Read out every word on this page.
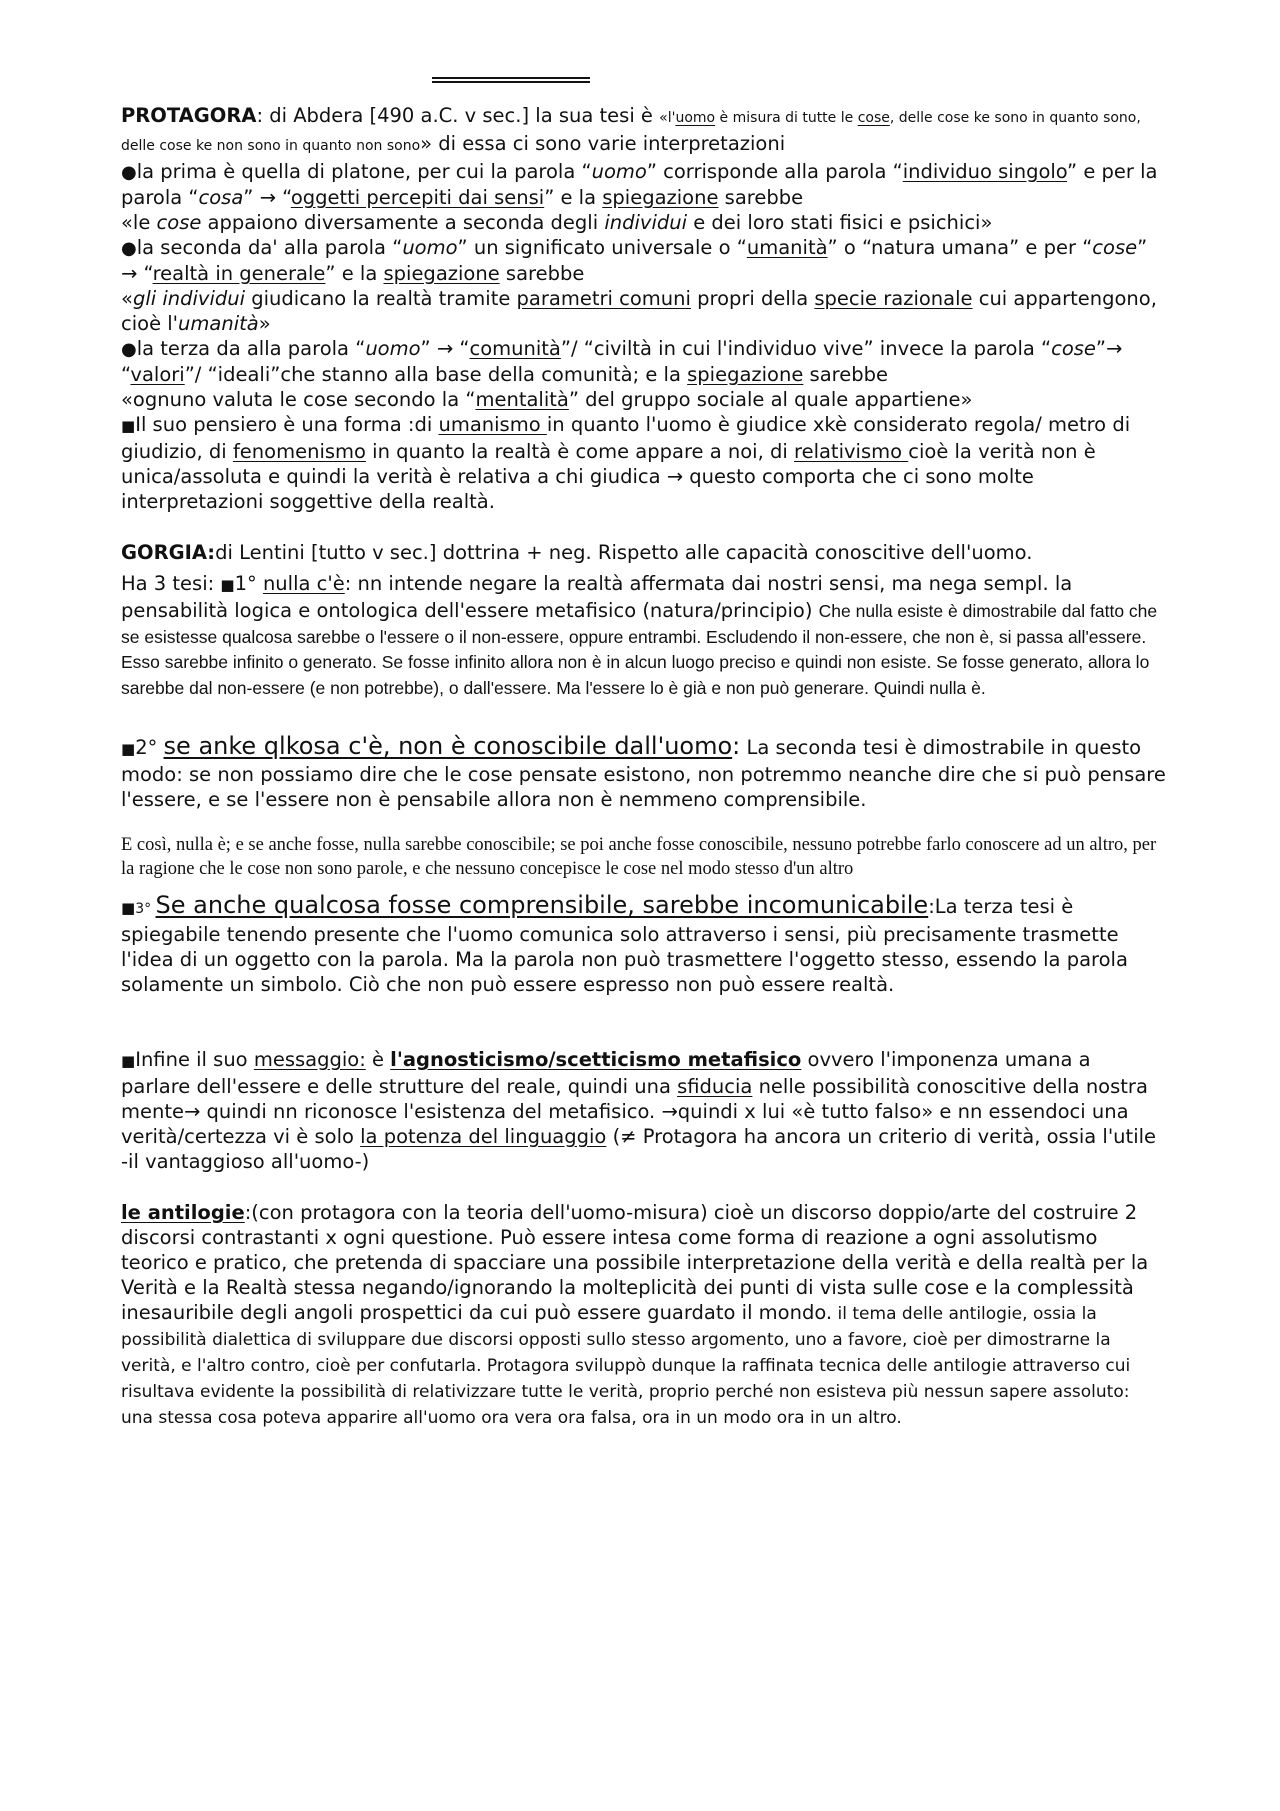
PROTAGORA: di Abdera [490 a.C. v sec.] la sua tesi è «l'uomo è misura di tutte le cose, delle cose ke sono in quanto sono, delle cose ke non sono in quanto non sono» di essa ci sono varie interpretazioni

●la prima è quella di platone, per cui la parola “uomo” corrisponde alla parola “individuo singolo” e per la parola “cosa” → “oggetti percepiti dai sensi” e la spiegazione sarebbe
«le cose appaiono diversamente a seconda degli individui e dei loro stati fisici e psichici»

●la seconda da' alla parola “uomo” un significato universale o “umanità” o “natura umana” e per “cose” → “realtà in generale” e la spiegazione sarebbe
«gli individui giudicano la realtà tramite parametri comuni propri della specie razionale cui appartengono, cioè l'umanità»

●la terza da alla parola “uomo” → “comunità”/ “civiltà in cui l'individuo vive” invece la parola “cose”→ “valori”/ “ideali”che stanno alla base della comunità; e la spiegazione sarebbe
«ognuno valuta le cose secondo la “mentalità” del gruppo sociale al quale appartiene»

■Il suo pensiero è una forma :di umanismo in quanto l'uomo è giudice xkè considerato regola/ metro di giudizio, di fenomenismo in quanto la realtà è come appare a noi, di relativismo cioè la verità non è unica/assoluta e quindi la verità è relativa a chi giudica → questo comporta che ci sono molte interpretazioni soggettive della realtà.

GORGIA:di Lentini [tutto v sec.] dottrina + neg. Rispetto alle capacità conoscitive dell'uomo.

Ha 3 tesi: ■1° nulla c'è: nn intende negare la realtà affermata dai nostri sensi, ma nega sempl. la pensabilità logica e ontologica dell'essere metafisico (natura/principio) Che nulla esiste è dimostrabile dal fatto che se esistesse qualcosa sarebbe o l'essere o il non-essere, oppure entrambi. Escludendo il non-essere, che non è, si passa all'essere. Esso sarebbe infinito o generato. Se fosse infinito allora non è in alcun luogo preciso e quindi non esiste. Se fosse generato, allora lo sarebbe dal non-essere (e non potrebbe), o dall'essere. Ma l'essere lo è già e non può generare. Quindi nulla è.

■2° se anke qlkosa c'è, non è conoscibile dall'uomo: La seconda tesi è dimostrabile in questo modo: se non possiamo dire che le cose pensate esistono, non potremmo neanche dire che si può pensare l'essere, e se l'essere non è pensabile allora non è nemmeno comprensibile.

E così, nulla è; e se anche fosse, nulla sarebbe conoscibile; se poi anche fosse conoscibile, nessuno potrebbe farlo conoscere ad un altro, per la ragione che le cose non sono parole, e che nessuno concepisce le cose nel modo stesso d'un altro

■3° Se anche qualcosa fosse comprensibile, sarebbe incomunicabile:La terza tesi è spiegabile tenendo presente che l'uomo comunica solo attraverso i sensi, più precisamente trasmette l'idea di un oggetto con la parola. Ma la parola non può trasmettere l'oggetto stesso, essendo la parola solamente un simbolo. Ciò che non può essere espresso non può essere realtà.

■Infine il suo messaggio: è l'agnosticismo/scetticismo metafisico ovvero l'imponenza umana a parlare dell'essere e delle strutture del reale, quindi una sfiducia nelle possibilità conoscitive della nostra mente→ quindi nn riconosce l'esistenza del metafisico. →quindi x lui «è tutto falso» e nn essendoci una verità/certezza vi è solo la potenza del linguaggio (≠ Protagora ha ancora un criterio di verità, ossia l'utile -il vantaggioso all'uomo-)

le antilogie:(con protagora con la teoria dell'uomo-misura) cioè un discorso doppio/arte del costruire 2 discorsi contrastanti x ogni questione. Può essere intesa come forma di reazione a ogni assolutismo teorico e pratico, che pretenda di spacciare una possibile interpretazione della verità e della realtà per la Verità e la Realtà stessa negando/ignorando la molteplicità dei punti di vista sulle cose e la complessità inesauribile degli angoli prospettici da cui può essere guardato il mondo. il tema delle antilogie, ossia la possibilità dialettica di sviluppare due discorsi opposti sullo stesso argomento, uno a favore, cioè per dimostrarne la verità, e l'altro contro, cioè per confutarla. Protagora sviluppò dunque la raffinata tecnica delle antilogie attraverso cui risultava evidente la possibilità di relativizzare tutte le verità, proprio perché non esisteva più nessun sapere assoluto: una stessa cosa poteva apparire all'uomo ora vera ora falsa, ora in un modo ora in un altro.
